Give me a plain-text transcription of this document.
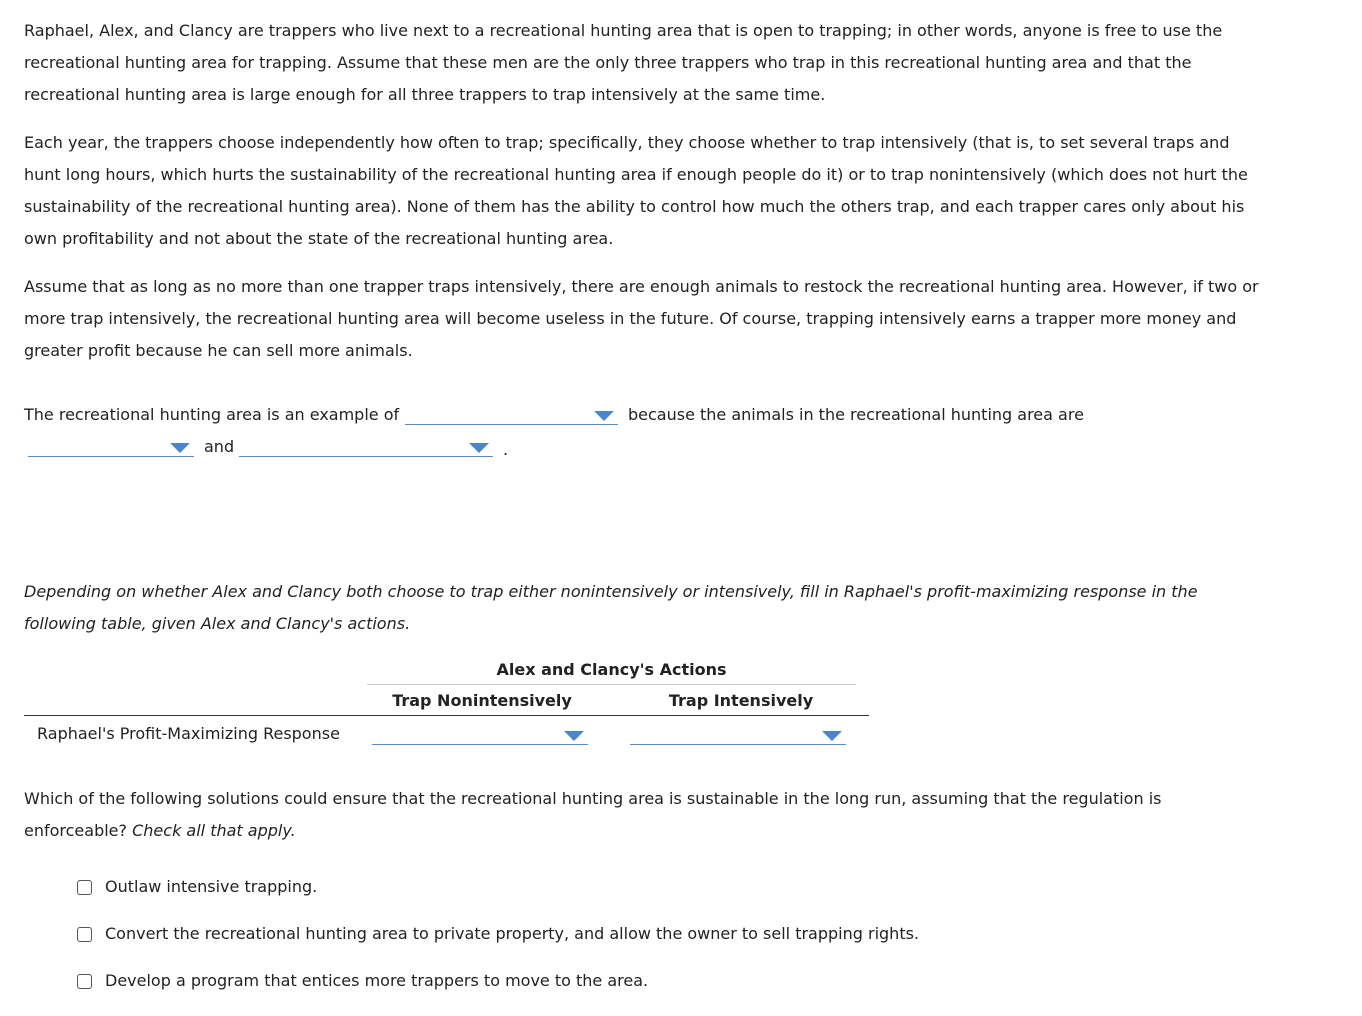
Raphael, Alex, and Clancy are trappers who live next to a recreational hunting area that is open to trapping; in other words, anyone is free to use the recreational hunting area for trapping. Assume that these men are the only three trappers who trap in this recreational hunting area and that the recreational hunting area is large enough for all three trappers to trap intensively at the same time.

Each year, the trappers choose independently how often to trap; specifically, they choose whether to trap intensively (that is, to set several traps and hunt long hours, which hurts the sustainability of the recreational hunting area if enough people do it) or to trap nonintensively (which does not hurt the sustainability of the recreational hunting area). None of them has the ability to control how much the others trap, and each trapper cares only about his own profitability and not about the state of the recreational hunting area.

Assume that as long as no more than one trapper traps intensively, there are enough animals to restock the recreational hunting area. However, if two or more trap intensively, the recreational hunting area will become useless in the future. Of course, trapping intensively earns a trapper more money and greater profit because he can sell more animals.

The recreational hunting area is an example of	because the animals in the recreational hunting area are
and	.

Depending on whether Alex and Clancy both choose to trap either nonintensively or intensively, fill in Raphael's profit-maximizing response in the following table, given Alex and Clancy's actions.

Alex and Clancy's Actions
Trap Nonintensively	Trap Intensively
Raphael's Profit-Maximizing Response

Which of the following solutions could ensure that the recreational hunting area is sustainable in the long run, assuming that the regulation is enforceable? Check all that apply.

Outlaw intensive trapping.
Convert the recreational hunting area to private property, and allow the owner to sell trapping rights.
Develop a program that entices more trappers to move to the area.
